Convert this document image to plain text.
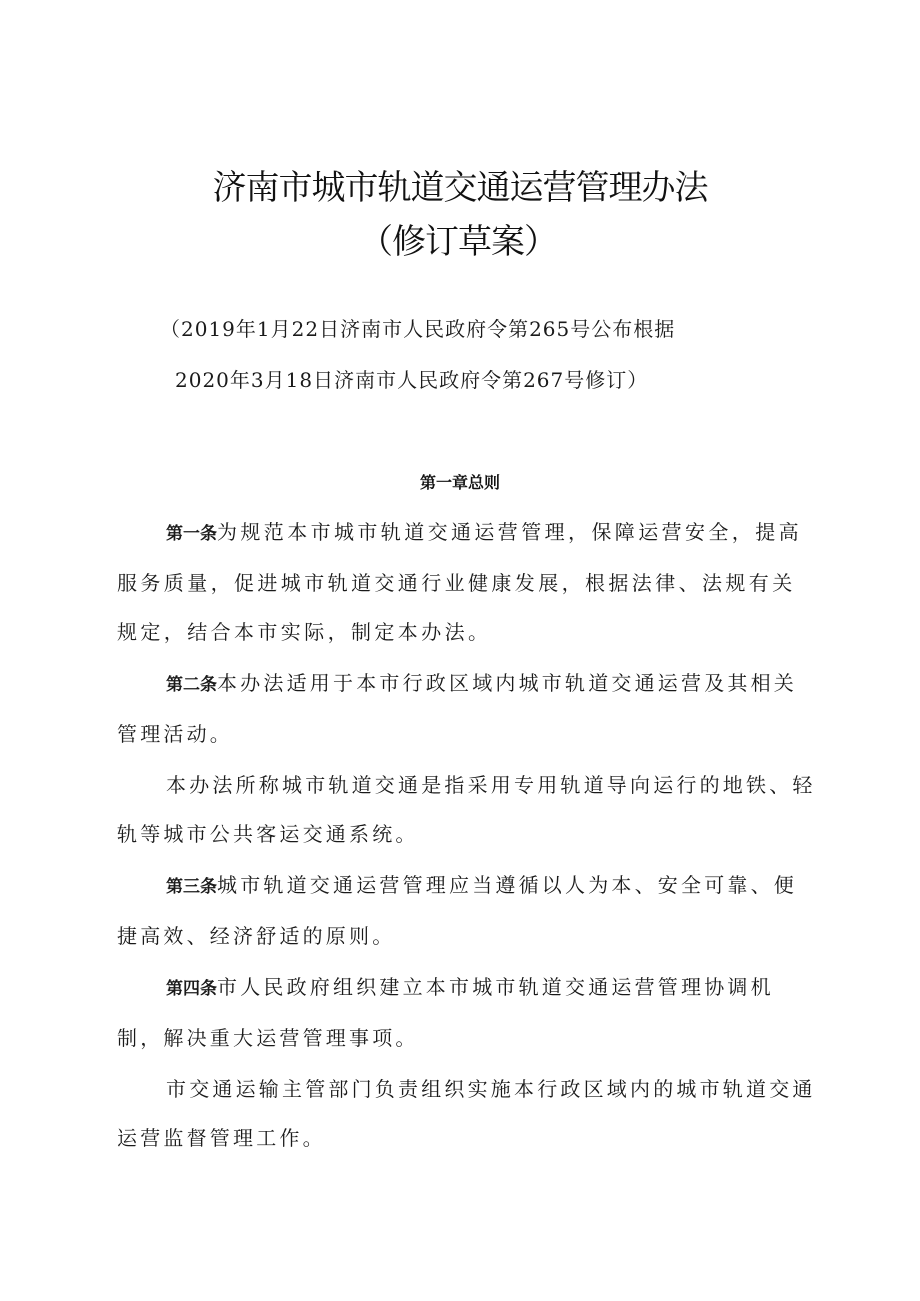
济南市城市轨道交通运营管理办法
（修订草案）

（2019年1月22日济南市人民政府令第265号公布根据

2020年3月18日济南市人民政府令第267号修订）

第一章总则

第一条为规范本市城市轨道交通运营管理，保障运营安全，提高服务质量，促进城市轨道交通行业健康发展，根据法律、法规有关规定，结合本市实际，制定本办法。

第二条本办法适用于本市行政区域内城市轨道交通运营及其相关管理活动。

本办法所称城市轨道交通是指采用专用轨道导向运行的地铁、轻轨等城市公共客运交通系统。

第三条城市轨道交通运营管理应当遵循以人为本、安全可靠、便捷高效、经济舒适的原则。

第四条市人民政府组织建立本市城市轨道交通运营管理协调机制，解决重大运营管理事项。

市交通运输主管部门负责组织实施本行政区域内的城市轨道交通运营监督管理工作。
